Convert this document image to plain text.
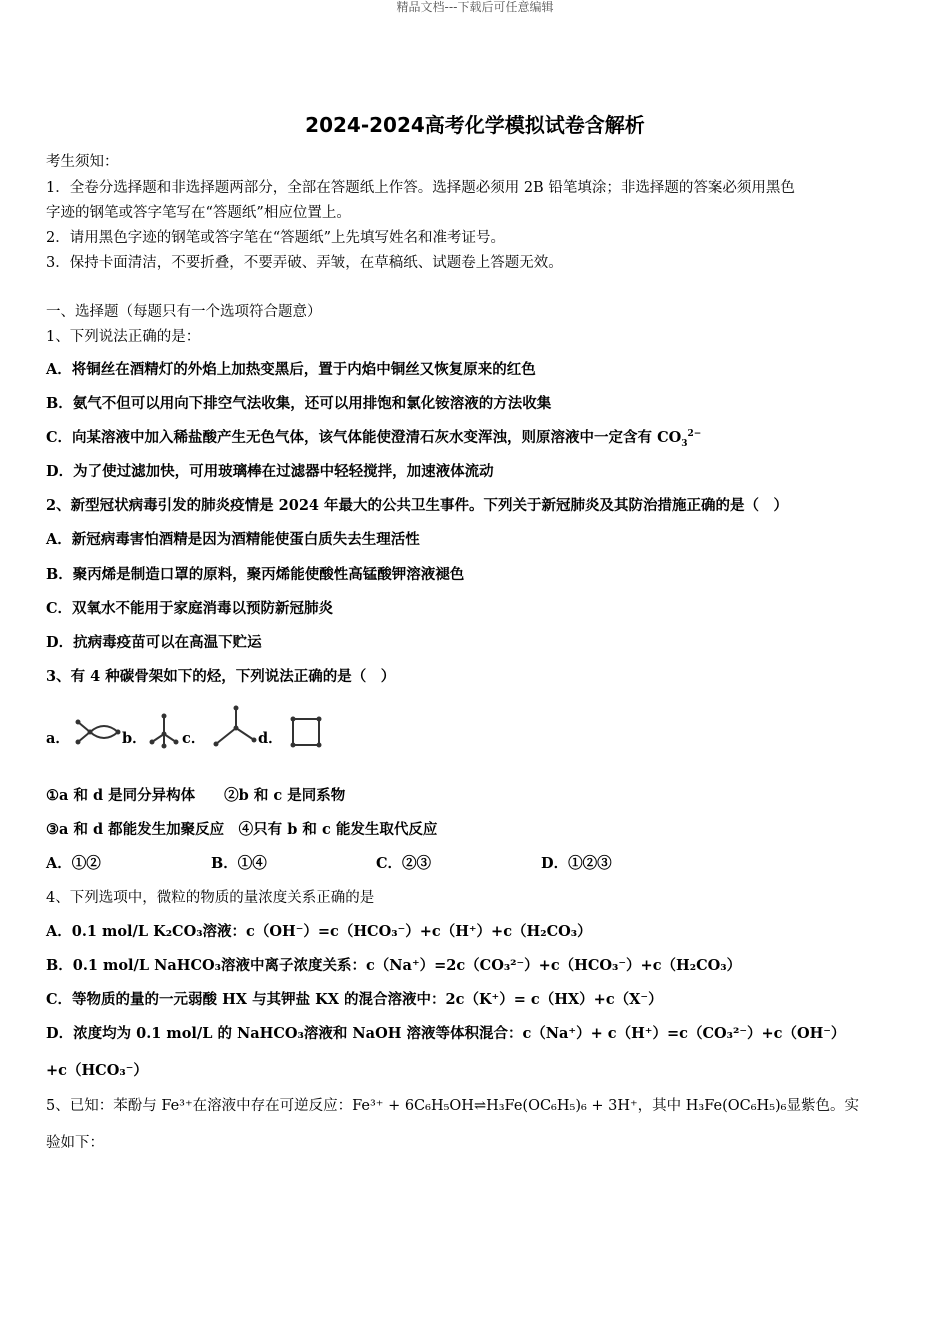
精品文档---下载后可任意编辑
2024-2024高考化学模拟试卷含解析
考生须知：
1．全卷分选择题和非选择题两部分，全部在答题纸上作答。选择题必须用 2B 铅笔填涂；非选择题的答案必须用黑色
字迹的钢笔或答字笔写在“答题纸”相应位置上。
2．请用黑色字迹的钢笔或答字笔在“答题纸”上先填写姓名和准考证号。
3．保持卡面清洁，不要折叠，不要弄破、弄皱，在草稿纸、试题卷上答题无效。
一、选择题（每题只有一个选项符合题意）
1、下列说法正确的是：
A．将铜丝在酒精灯的外焰上加热变黑后，置于内焰中铜丝又恢复原来的红色
B．氨气不但可以用向下排空气法收集，还可以用排饱和氯化铵溶液的方法收集
C．向某溶液中加入稀盐酸产生无色气体，该气体能使澄清石灰水变浑浊，则原溶液中一定含有 $CO_3^{2-}$
D．为了使过滤加快，可用玻璃棒在过滤器中轻轻搅拌，加速液体流动
2、新型冠状病毒引发的肺炎疫情是 2024 年最大的公共卫生事件。下列关于新冠肺炎及其防治措施正确的是（　）
A．新冠病毒害怕酒精是因为酒精能使蛋白质失去生理活性
B．聚丙烯是制造口罩的原料，聚丙烯能使酸性高锰酸钾溶液褪色
C．双氧水不能用于家庭消毒以预防新冠肺炎
D．抗病毒疫苗可以在高温下贮运
3、有 4 种碳骨架如下的烃，下列说法正确的是（　）
a．	b． c．	d．
①a 和 d 是同分异构体　　②b 和 c 是同系物
③a 和 d 都能发生加聚反应　④只有 b 和 c 能发生取代反应
A．①②	B．①④	C．②③	D．①②③
4、下列选项中，微粒的物质的量浓度关系正确的是
A．0.1 mol/L K₂CO₃溶液：c（OH⁻）=c（HCO₃⁻）+c（H⁺）+c（H₂CO₃）
B．0.1 mol/L NaHCO₃溶液中离子浓度关系：c（Na⁺）=2c（CO₃²⁻）+c（HCO₃⁻）+c（H₂CO₃）
C．等物质的量的一元弱酸 HX 与其钾盐 KX 的混合溶液中：2c（K⁺）= c（HX）+c（X⁻）
D．浓度均为 0.1 mol/L 的 NaHCO₃溶液和 NaOH 溶液等体积混合：c（Na⁺）+ c（H⁺）=c（CO₃²⁻）+c（OH⁻）
+c（HCO₃⁻）
5、已知：苯酚与 Fe³⁺在溶液中存在可逆反应：Fe³⁺ + 6C₆H₅OH⇌H₃Fe(OC₆H₅)₆ + 3H⁺，其中 H₃Fe(OC₆H₅)₆显紫色。实
验如下：
